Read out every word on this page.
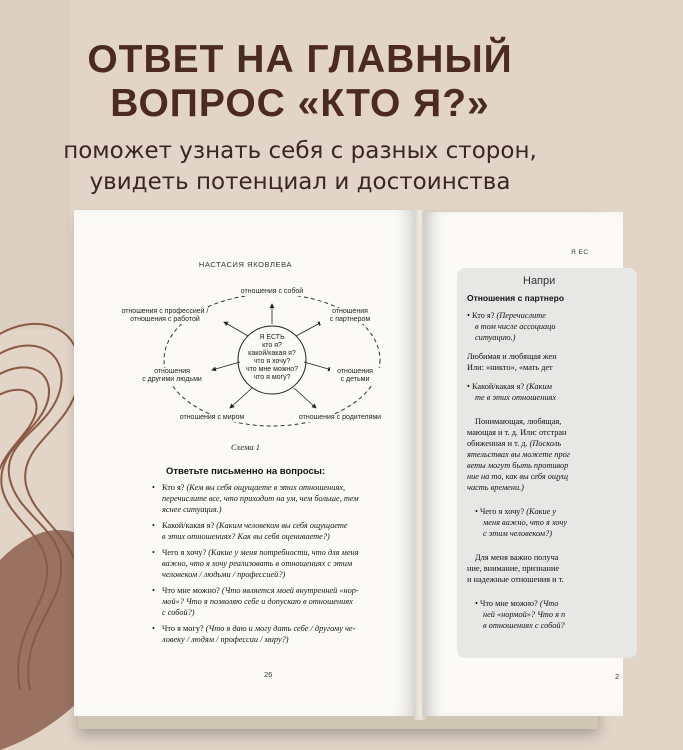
ОТВЕТ НА ГЛАВНЫЙ
ВОПРОС «КТО Я?»
поможет узнать себя с разных сторон,
увидеть потенциал и достоинства
НАСТАСИЯ ЯКОВЛЕВА
Я ЕСТЬ
кто я?
какой/какая я?
что я хочу?
что мне можно?
что я могу?
отношения с собой
отношения с профессией /
отношения с работой
отношения
с партнером
отношения
с другими людьми
отношения
с детьми
отношения с миром	отношения с родителями
Схема 1
Ответьте письменно на вопросы:
• Кто я? (Кем вы себя ощущаете в этих отношениях,
перечислите все, что приходит на ум, чем больше, тем
яснее ситуация.)
• Какой/какая я? (Каким человеком вы себя ощущаете
в этих отношениях? Как вы себя оцениваете?)
• Чего я хочу? (Какие у меня потребности, что для меня
важно, что я хочу реализовать в отношениях с этим
человеком / людьми / профессией?)
• Что мне можно? (Что является моей внутренней «нор-
мой»? Что я позволяю себе и допускаю в отношениях
с собой?)
• Что я могу? (Что я даю и могу дать себе / другому че-
ловеку / людям / профессии / миру?)
26
Я ЕС
Напри
Отношения с партнеро
• Кто я? (Перечислите
в том числе ассоциаци
ситуацию.)
Любимая и любящая жен
Или: «никто», «мать дет
• Какой/какая я? (Каким
те в этих отношениях
Понимающая, любящая,
мающая и т. д. Или: отстран
обиженная и т. д. (Посколь
ятельствах вы можете прог
веты могут быть противор
ние на то, как вы себя ощущ
часть времени.)
• Чего я хочу? (Какие у
меня важно, что я хочу
с этим человеком?)
Для меня важно получа
ние, внимание, признание
и надежные отношения и т.
• Что мне можно? (Что
ней «нормой»? Что я п
в отношениях с собой?
2
